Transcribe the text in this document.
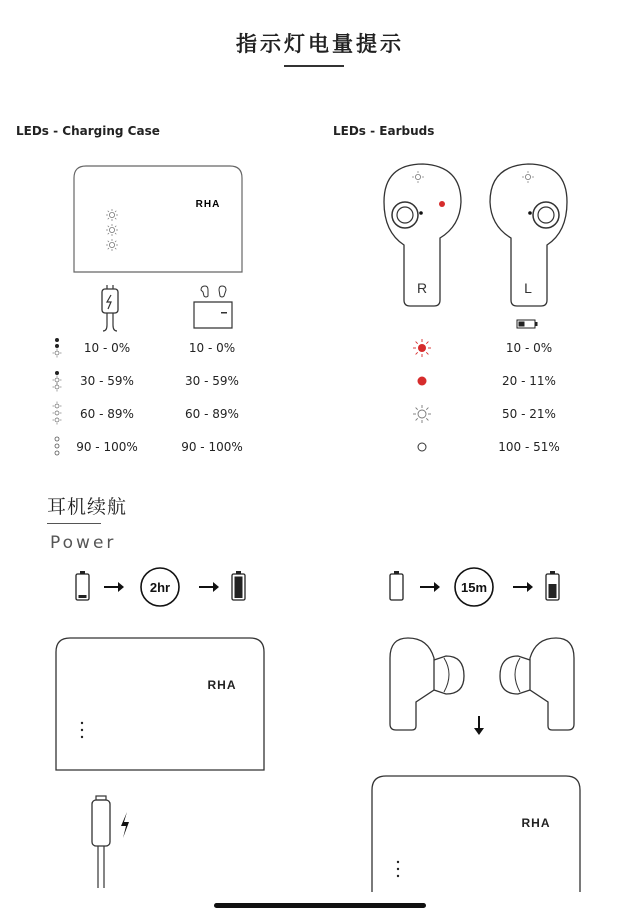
指示灯电量提示
LEDs - Charging Case	LEDs - Earbuds
RHA
10 - 0%	10 - 0%
30 - 59%	30 - 59%
60 - 89%	60 - 89%
90 - 100%	90 - 100%
R	L
10 - 0%
20 - 11%
50 - 21%
100 - 51%
耳机续航
Power
2hr	15m
RHA
RHA
